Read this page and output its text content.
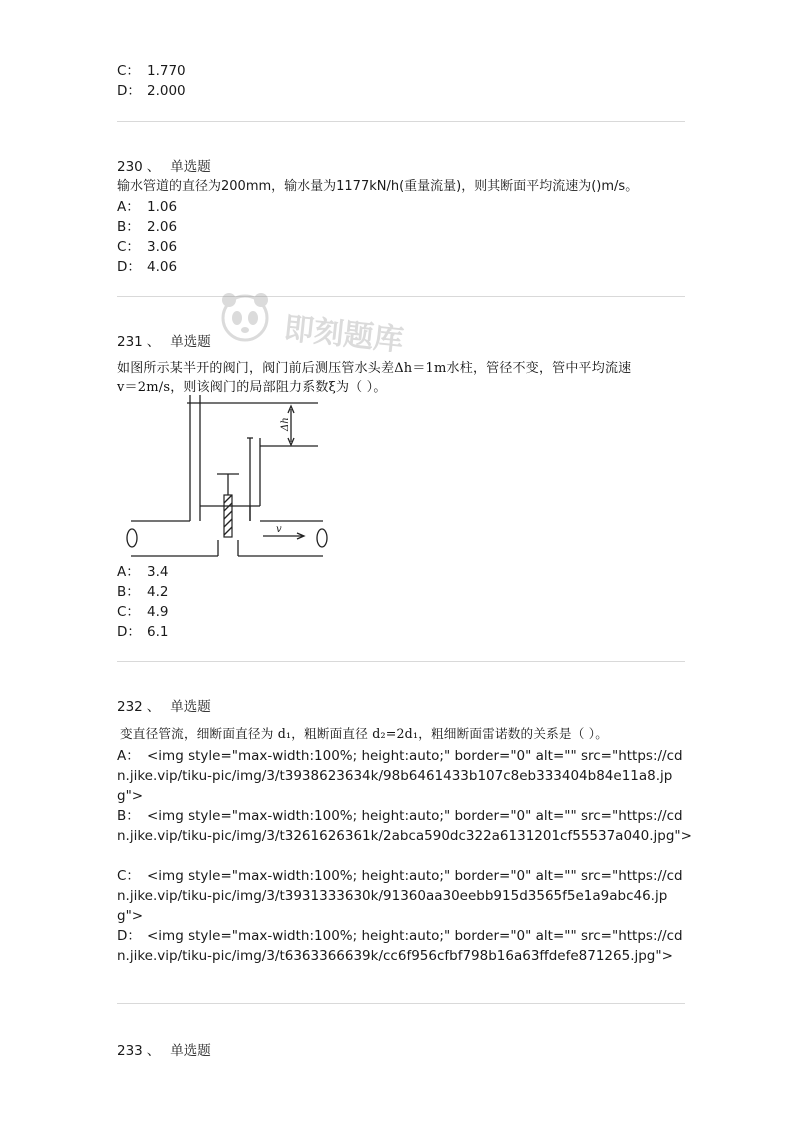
C： 1.770
D： 2.000
230 、 单选题
输水管道的直径为200mm，输水量为1177kN/h(重量流量)，则其断面平均流速为()m/s。
A： 1.06
B： 2.06
C： 3.06
D： 4.06
即刻题库
231 、 单选题
如图所示某半开的阀门，阀门前后测压管水头差Δh＝1m水柱，管径不变，管中平均流速
v＝2m/s，则该阀门的局部阻力系数ξ为（ ）。
Δh
v
A： 3.4
B： 4.2
C： 4.9
D： 6.1
232 、 单选题
变直径管流，细断面直径为 d₁，粗断面直径 d₂=2d₁，粗细断面雷诺数的关系是（ ）。
A： <img style="max-width:100%; height:auto;" border="0" alt="" src="https://cdn.jike.vip/tiku-pic/img/3/t3938623634k/98b6461433b107c8eb333404b84e11a8.jpg">
B： <img style="max-width:100%; height:auto;" border="0" alt="" src="https://cdn.jike.vip/tiku-pic/img/3/t3261626361k/2abca590dc322a6131201cf55537a040.jpg">
C： <img style="max-width:100%; height:auto;" border="0" alt="" src="https://cdn.jike.vip/tiku-pic/img/3/t3931333630k/91360aa30eebb915d3565f5e1a9abc46.jpg">
D： <img style="max-width:100%; height:auto;" border="0" alt="" src="https://cdn.jike.vip/tiku-pic/img/3/t6363366639k/cc6f956cfbf798b16a63ffdefe871265.jpg">
233 、 单选题
